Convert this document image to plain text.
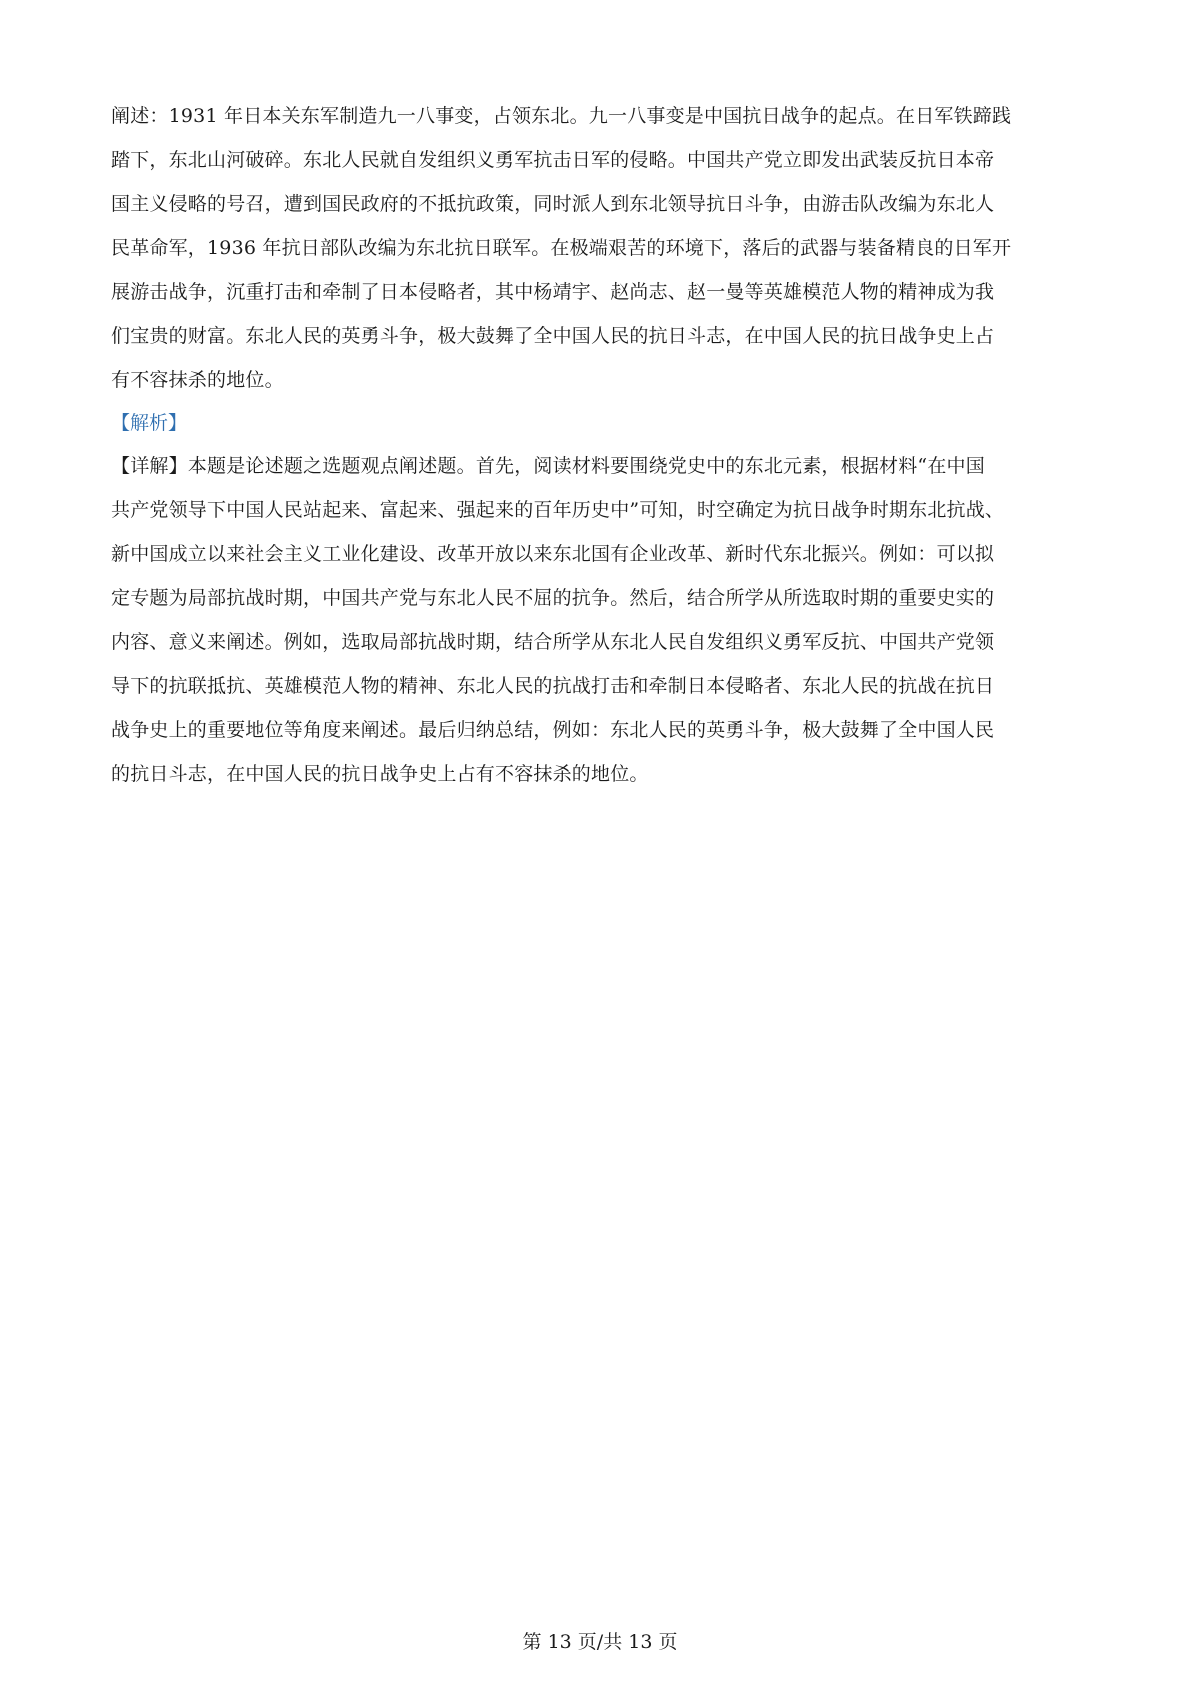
阐述：1931 年日本关东军制造九一八事变，占领东北。九一八事变是中国抗日战争的起点。在日军铁蹄践
踏下，东北山河破碎。东北人民就自发组织义勇军抗击日军的侵略。中国共产党立即发出武装反抗日本帝
国主义侵略的号召，遭到国民政府的不抵抗政策，同时派人到东北领导抗日斗争，由游击队改编为东北人
民革命军，1936 年抗日部队改编为东北抗日联军。在极端艰苦的环境下，落后的武器与装备精良的日军开
展游击战争，沉重打击和牵制了日本侵略者，其中杨靖宇、赵尚志、赵一曼等英雄模范人物的精神成为我
们宝贵的财富。东北人民的英勇斗争，极大鼓舞了全中国人民的抗日斗志，在中国人民的抗日战争史上占
有不容抹杀的地位。
【解析】
【详解】本题是论述题之选题观点阐述题。首先，阅读材料要围绕党史中的东北元素，根据材料“在中国
共产党领导下中国人民站起来、富起来、强起来的百年历史中”可知，时空确定为抗日战争时期东北抗战、
新中国成立以来社会主义工业化建设、改革开放以来东北国有企业改革、新时代东北振兴。例如：可以拟
定专题为局部抗战时期，中国共产党与东北人民不屈的抗争。然后，结合所学从所选取时期的重要史实的
内容、意义来阐述。例如，选取局部抗战时期，结合所学从东北人民自发组织义勇军反抗、中国共产党领
导下的抗联抵抗、英雄模范人物的精神、东北人民的抗战打击和牵制日本侵略者、东北人民的抗战在抗日
战争史上的重要地位等角度来阐述。最后归纳总结，例如：东北人民的英勇斗争，极大鼓舞了全中国人民
的抗日斗志，在中国人民的抗日战争史上占有不容抹杀的地位。
第 13 页/共 13 页
